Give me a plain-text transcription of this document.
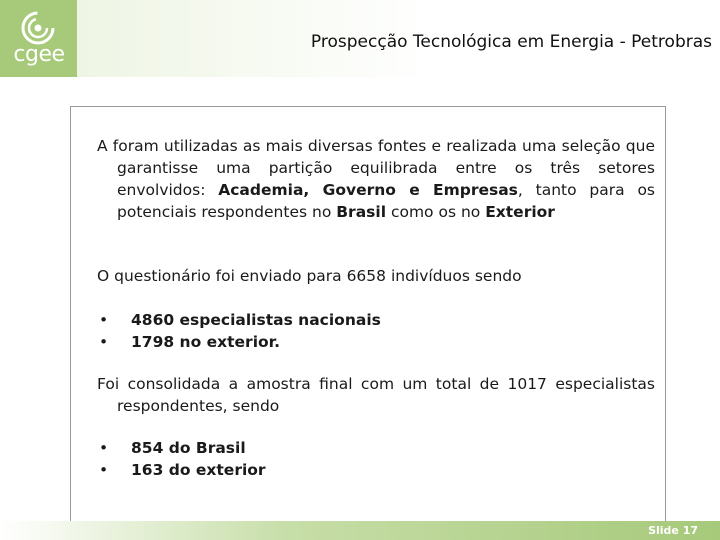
cgee	Prospecção Tecnológica em Energia - Petrobras

A foram utilizadas as mais diversas fontes e realizada uma seleção que garantisse uma partição equilibrada entre os três setores envolvidos: Academia, Governo e Empresas, tanto para os potenciais respondentes no Brasil como os no Exterior

O questionário foi enviado para 6658 indivíduos sendo

• 4860 especialistas nacionais
• 1798 no exterior.

Foi consolidada a amostra final com um total de 1017 especialistas respondentes, sendo

• 854 do Brasil
• 163 do exterior
Slide 17
